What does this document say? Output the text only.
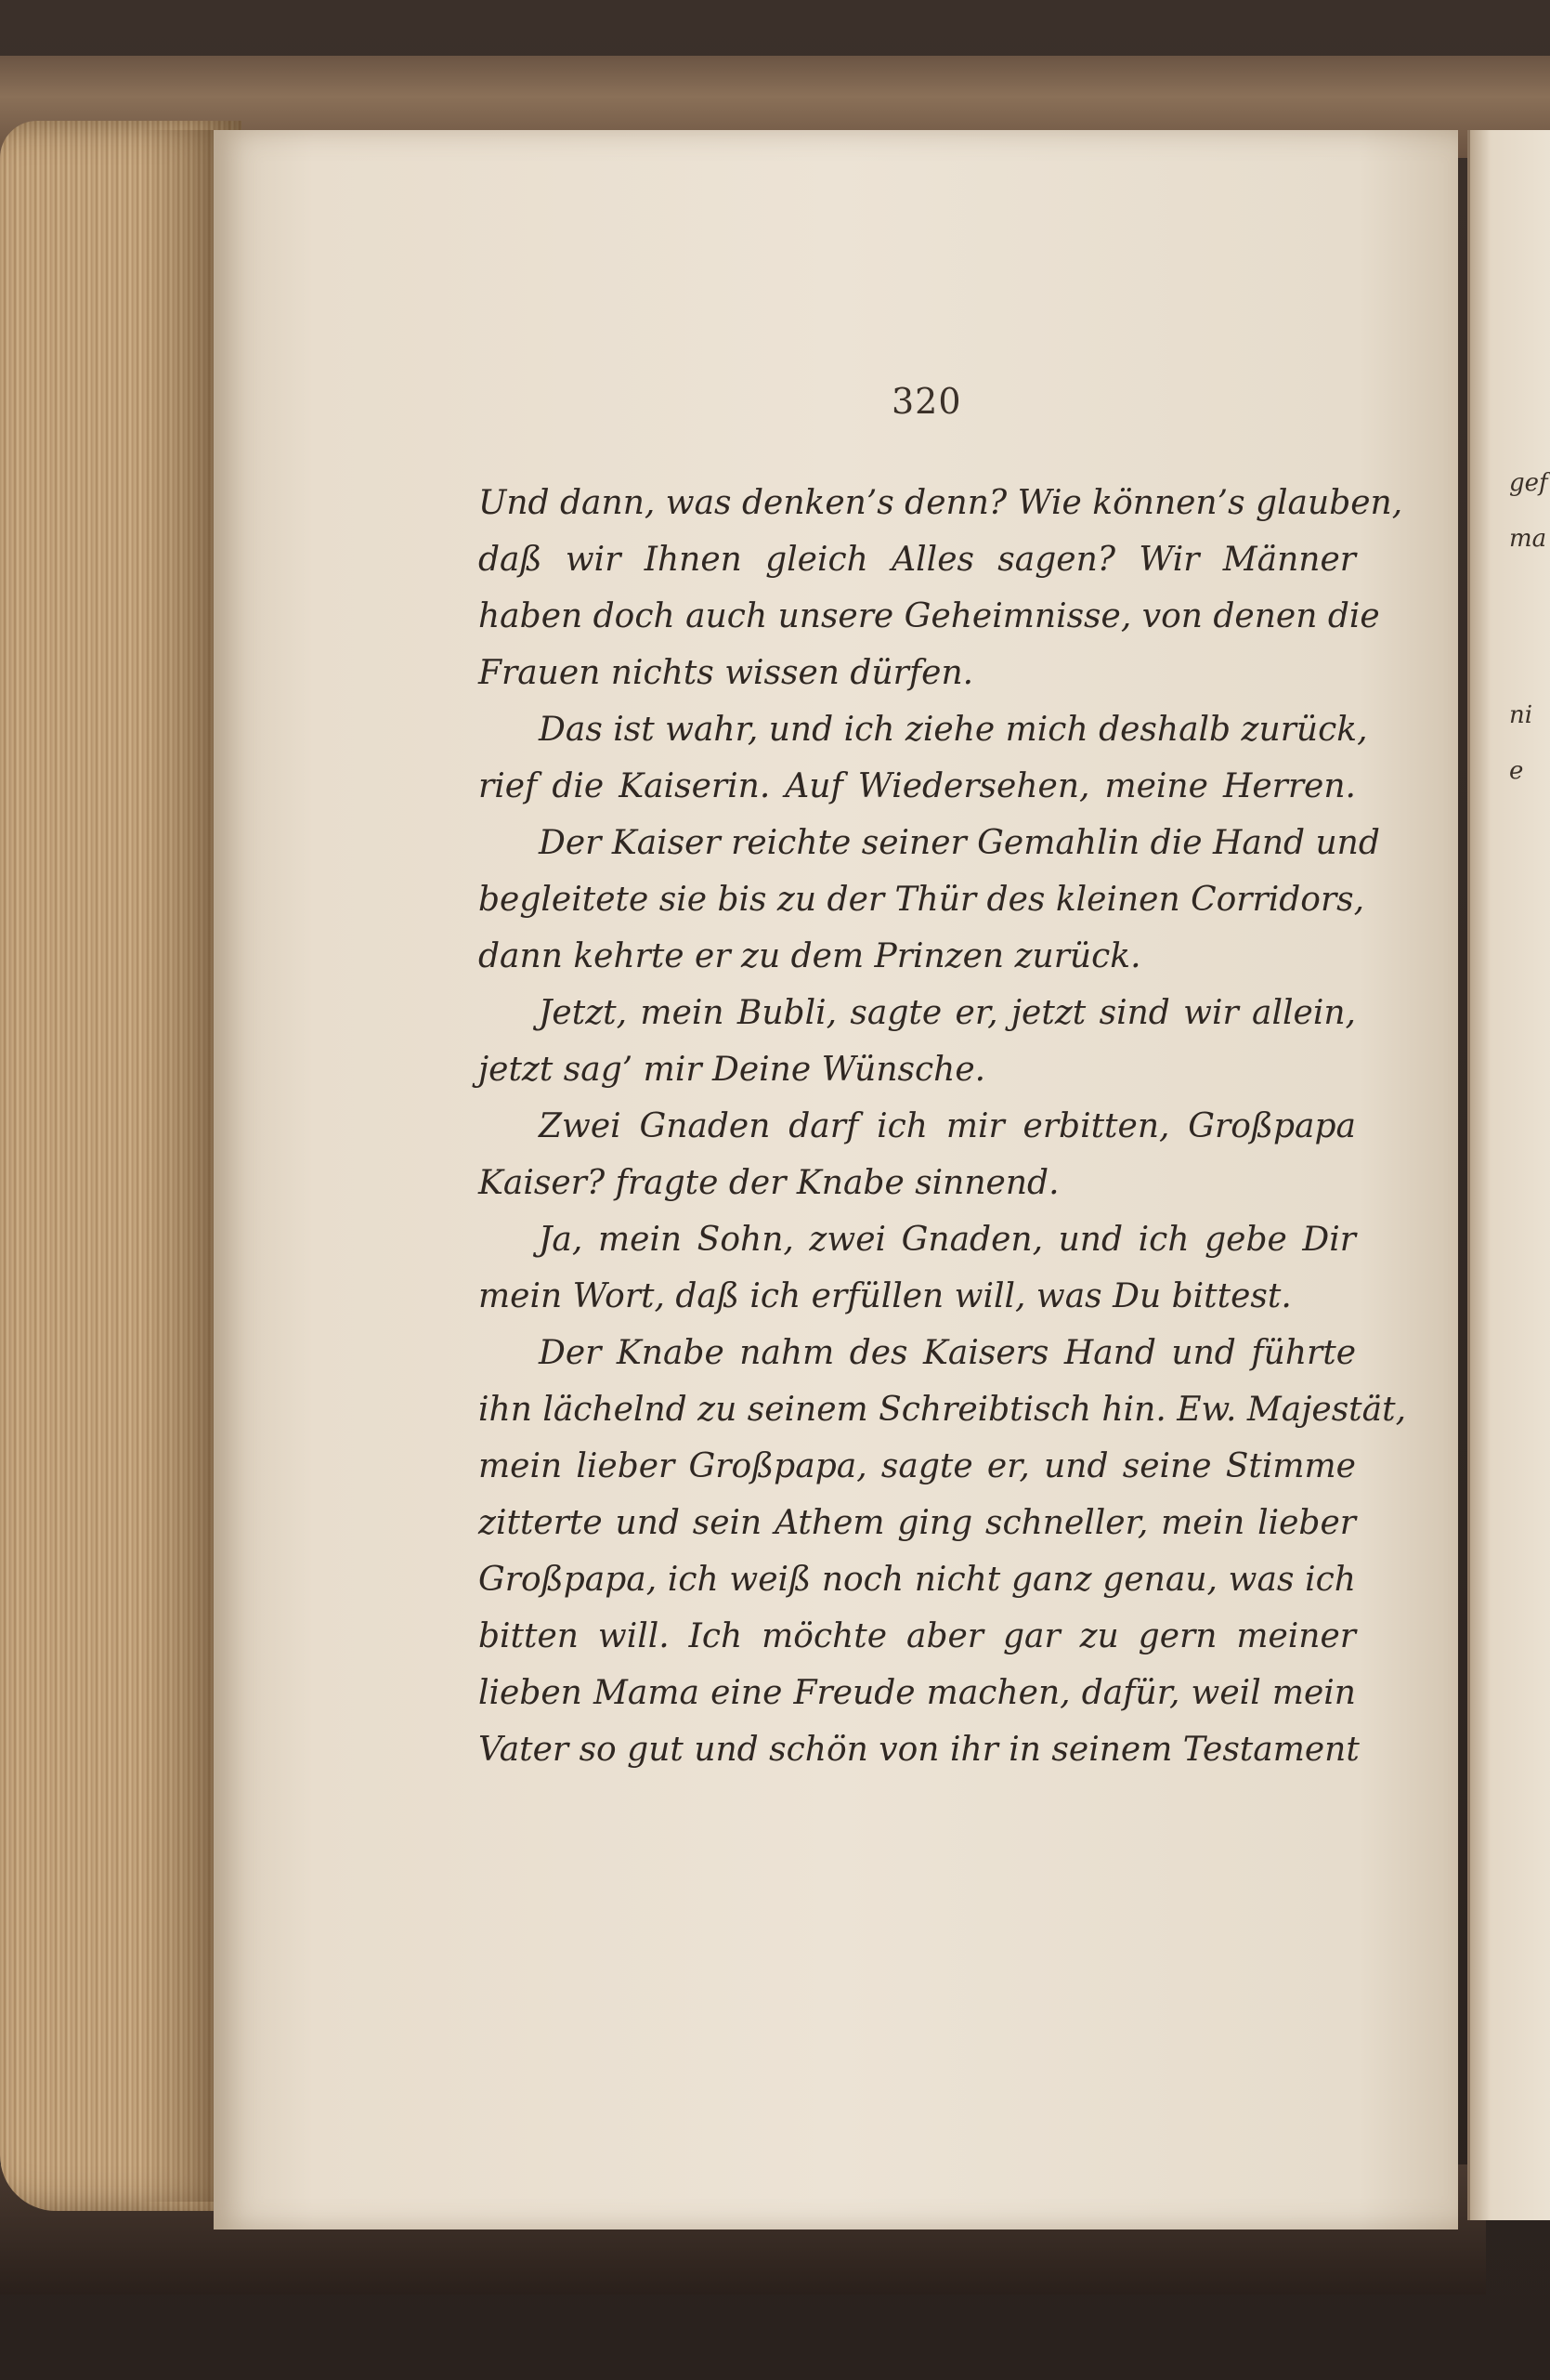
gef
ma
ni
e
320
Und dann, was denken’s denn? Wie können’s glauben,
daß wir Ihnen gleich Alles sagen? Wir Männer
haben doch auch unsere Geheimnisse, von denen die
Frauen nichts wissen dürfen.
Das ist wahr, und ich ziehe mich deshalb zurück,
rief die Kaiserin. Auf Wiedersehen, meine Herren.
Der Kaiser reichte seiner Gemahlin die Hand und
begleitete sie bis zu der Thür des kleinen Corridors,
dann kehrte er zu dem Prinzen zurück.
Jetzt, mein Bubli, sagte er, jetzt sind wir allein,
jetzt sag’ mir Deine Wünsche.
Zwei Gnaden darf ich mir erbitten, Großpapa
Kaiser? fragte der Knabe sinnend.
Ja, mein Sohn, zwei Gnaden, und ich gebe Dir
mein Wort, daß ich erfüllen will, was Du bittest.
Der Knabe nahm des Kaisers Hand und führte
ihn lächelnd zu seinem Schreibtisch hin. Ew. Majestät,
mein lieber Großpapa, sagte er, und seine Stimme
zitterte und sein Athem ging schneller, mein lieber
Großpapa, ich weiß noch nicht ganz genau, was ich
bitten will. Ich möchte aber gar zu gern meiner
lieben Mama eine Freude machen, dafür, weil mein
Vater so gut und schön von ihr in seinem Testament
